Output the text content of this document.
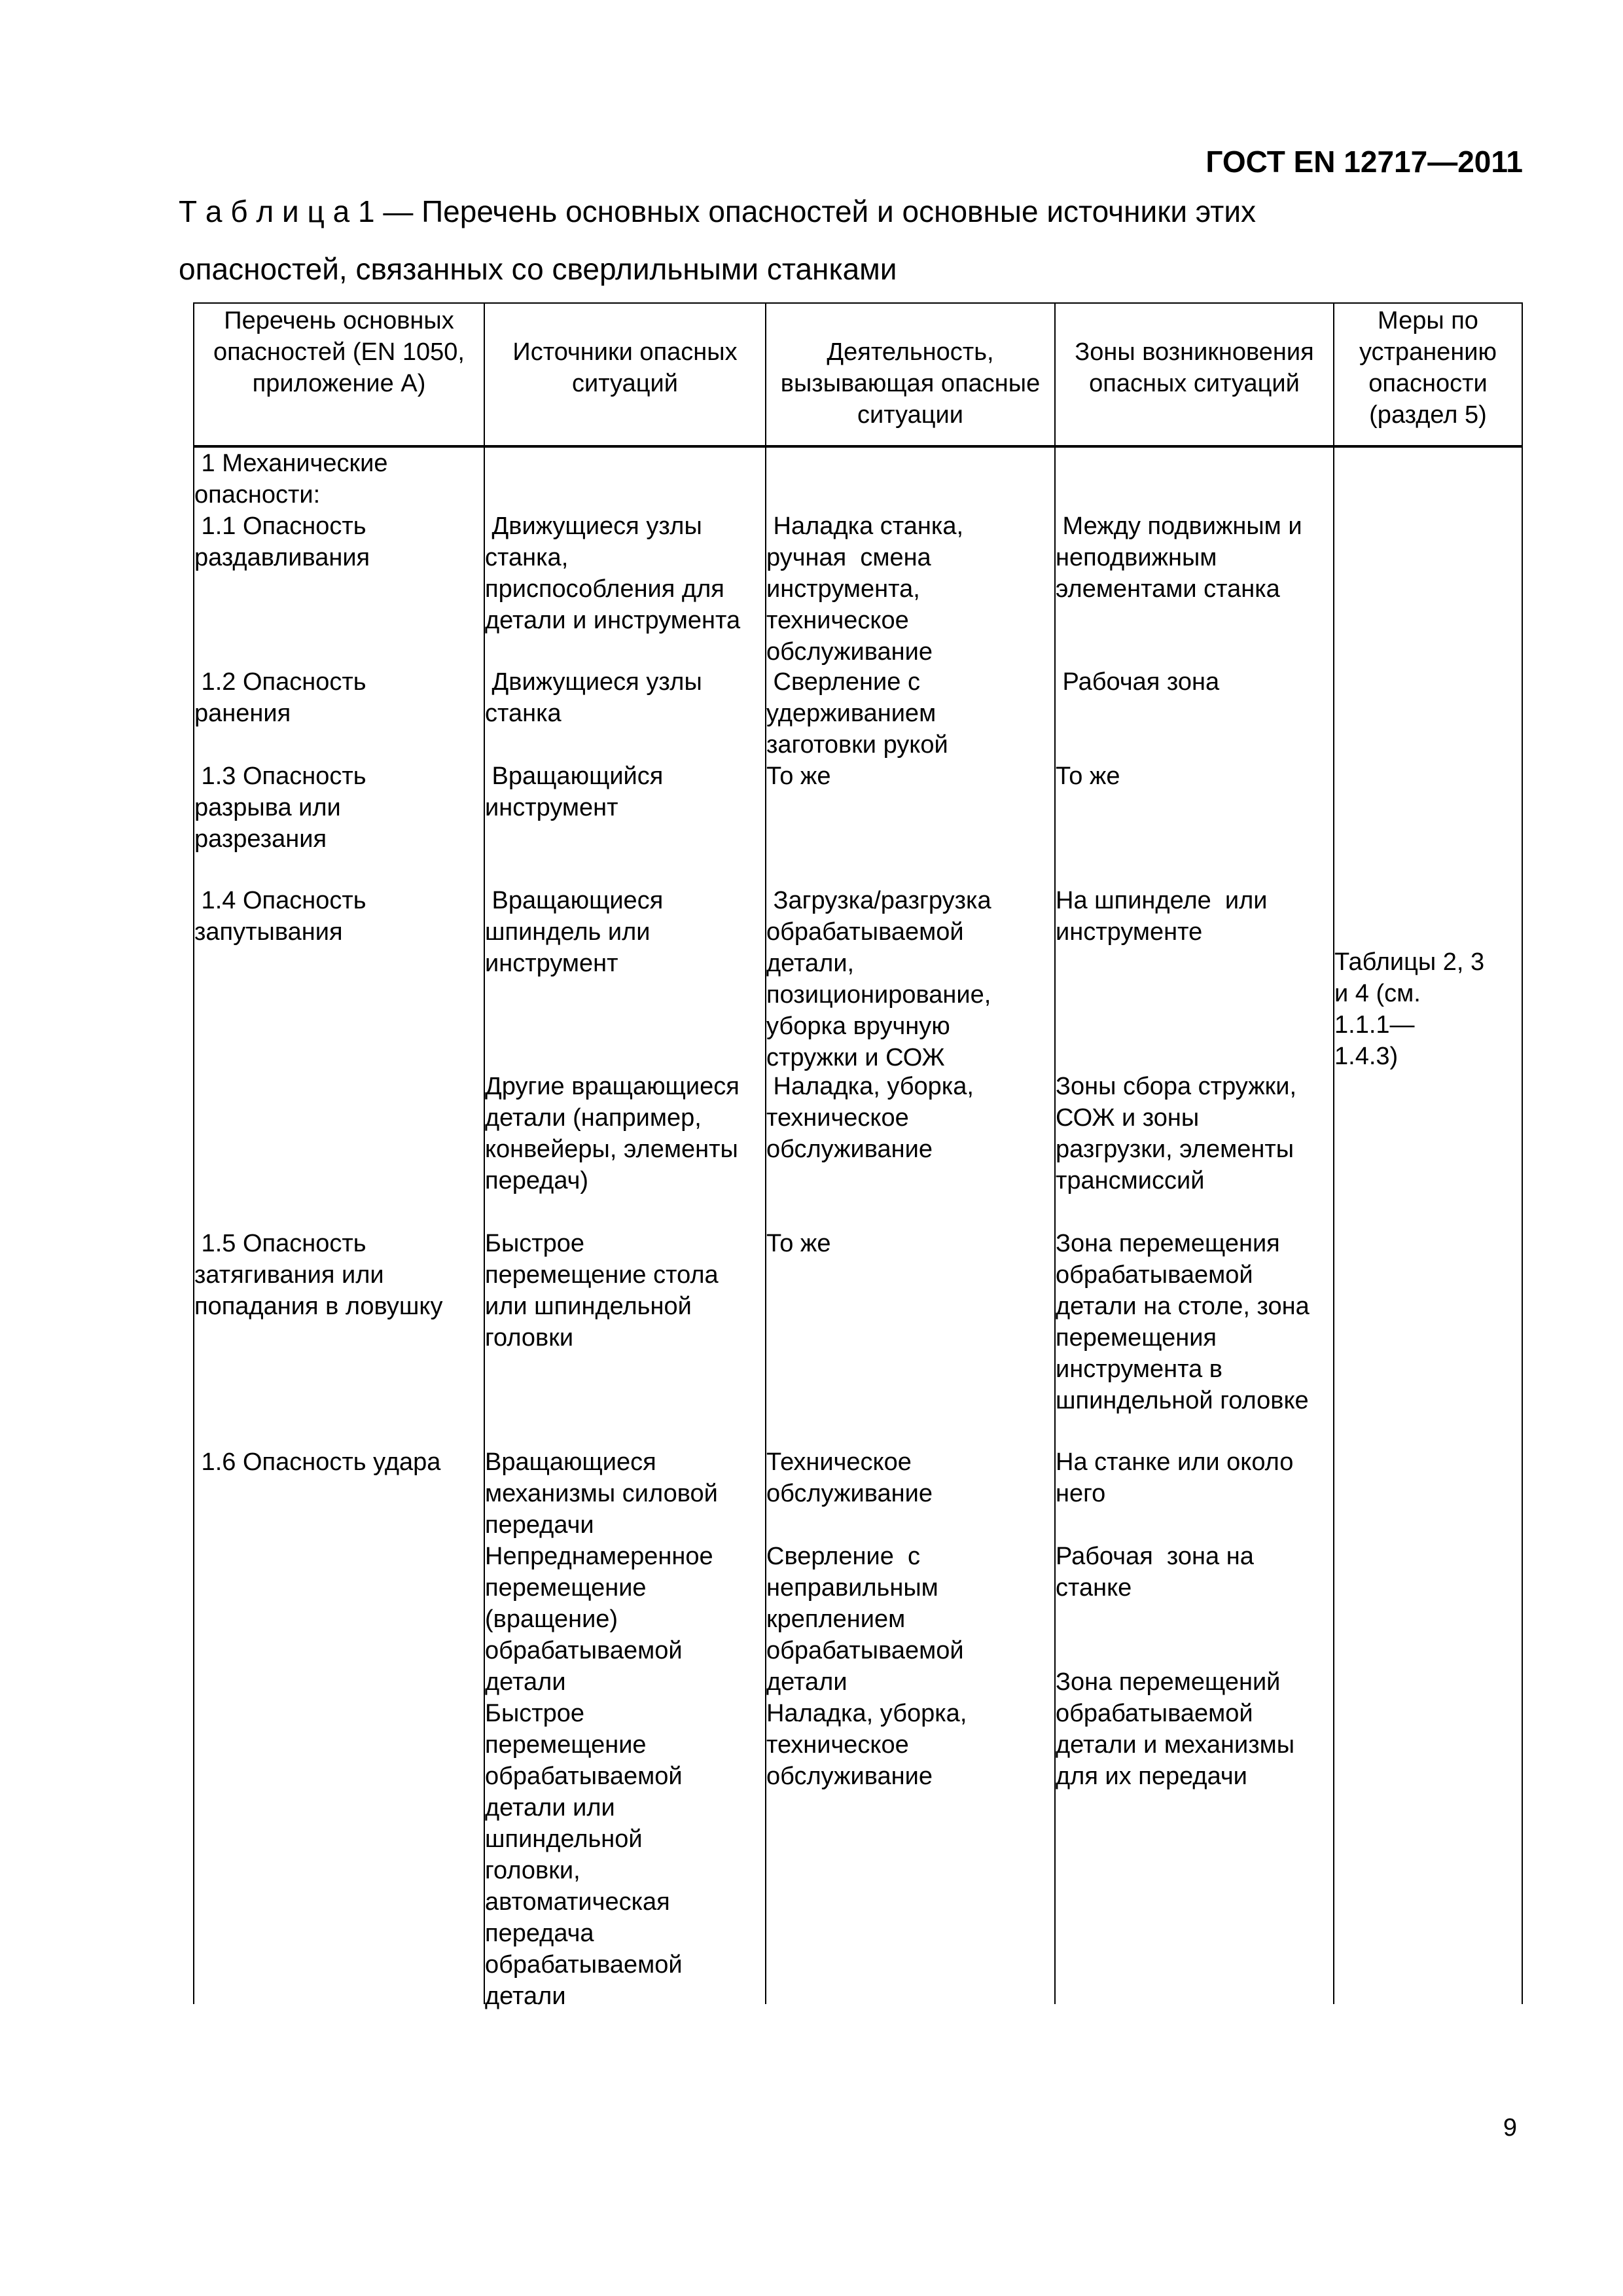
ГОСТ EN 12717—2011
Т а б л и ц а 1 — Перечень основных опасностей и основные источники этих
опасностей, связанных со сверлильными станками
Перечень основных
опасностей (EN 1050,
приложение А)
Источники опасных
ситуаций
Деятельность,
вызывающая опасные
ситуации
Зоны возникновения
опасных ситуаций
Меры по
устранению
опасности
(раздел 5)
1 Механические
опасности:
1.1 Опасность
раздавливания
1.2 Опасность
ранения
1.3 Опасность
разрыва или
разрезания
1.4 Опасность
запутывания
1.5 Опасность
затягивания или
попадания в ловушку
1.6 Опасность удара
Движущиеся узлы
станка,
приспособления для
детали и инструмента
Движущиеся узлы
станка
Вращающийся
инструмент
Вращающиеся
шпиндель или
инструмент
Другие вращающиеся
детали (например,
конвейеры, элементы
передач)
Быстрое
перемещение стола
или шпиндельной
головки
Вращающиеся
механизмы силовой
передачи
Непреднамеренное
перемещение
(вращение)
обрабатываемой
детали
Быстрое
перемещение
обрабатываемой
детали или
шпиндельной
головки,
автоматическая
передача
обрабатываемой
детали
Наладка станка,
ручная  смена
инструмента,
техническое
обслуживание
Сверление с
удерживанием
заготовки рукой
То же
Загрузка/разгрузка
обрабатываемой
детали,
позиционирование,
уборка вручную
стружки и СОЖ
Наладка, уборка,
техническое
обслуживание
То же
Техническое
обслуживание

Сверление  с
неправильным
креплением
обрабатываемой
детали
Наладка, уборка,
техническое
обслуживание
Между подвижным и
неподвижным
элементами станка
Рабочая зона
То же
На шпинделе  или
инструменте
Зоны сбора стружки,
СОЖ и зоны
разгрузки, элементы
трансмиссий
Зона перемещения
обрабатываемой
детали на столе, зона
перемещения
инструмента в
шпиндельной головке
На станке или около
него

Рабочая  зона на
станке

Зона перемещений
обрабатываемой
детали и механизмы
для их передачи
Таблицы 2, 3
и 4 (см.
1.1.1—
1.4.3)
9
